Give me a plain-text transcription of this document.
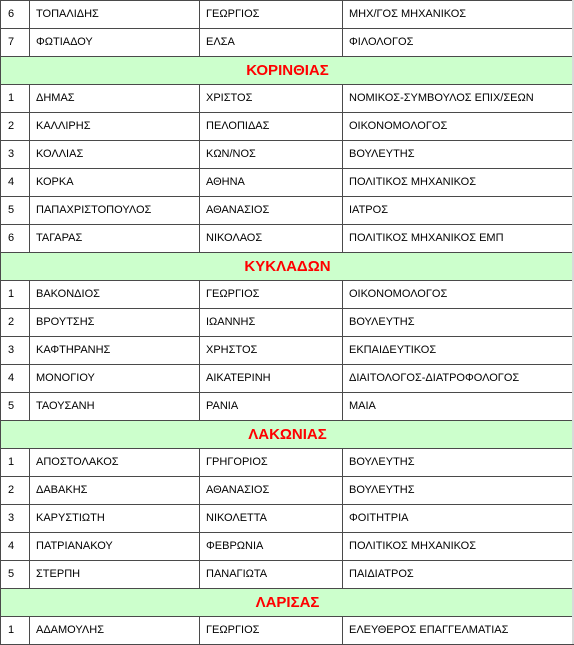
6	ΤΟΠΑΛΙΔΗΣ	ΓΕΩΡΓΙΟΣ	ΜΗΧ/ΓΟΣ ΜΗΧΑΝΙΚΟΣ
7	ΦΩΤΙΑΔΟΥ	ΕΛΣΑ	ΦΙΛΟΛΟΓΟΣ
ΚΟΡΙΝΘΙΑΣ			
1	ΔΗΜΑΣ	ΧΡΙΣΤΟΣ	ΝΟΜΙΚΟΣ-ΣΥΜΒΟΥΛΟΣ ΕΠΙΧ/ΣΕΩΝ
2	ΚΑΛΛΙΡΗΣ	ΠΕΛΟΠΙΔΑΣ	ΟΙΚΟΝΟΜΟΛΟΓΟΣ
3	ΚΟΛΛΙΑΣ	ΚΩΝ/ΝΟΣ	ΒΟΥΛΕΥΤΗΣ
4	ΚΟΡΚΑ	ΑΘΗΝΑ	ΠΟΛΙΤΙΚΟΣ ΜΗΧΑΝΙΚΟΣ
5	ΠΑΠΑΧΡΙΣΤΟΠΟΥΛΟΣ	ΑΘΑΝΑΣΙΟΣ	ΙΑΤΡΟΣ
6	ΤΑΓΑΡΑΣ	ΝΙΚΟΛΑΟΣ	ΠΟΛΙΤΙΚΟΣ ΜΗΧΑΝΙΚΟΣ ΕΜΠ
ΚΥΚΛΑΔΩΝ			
1	ΒΑΚΟΝΔΙΟΣ	ΓΕΩΡΓΙΟΣ	ΟΙΚΟΝΟΜΟΛΟΓΟΣ
2	ΒΡΟΥΤΣΗΣ	ΙΩΑΝΝΗΣ	ΒΟΥΛΕΥΤΗΣ
3	ΚΑΦΤΗΡΑΝΗΣ	ΧΡΗΣΤΟΣ	ΕΚΠΑΙΔΕΥΤΙΚΟΣ
4	ΜΟΝΟΓΙΟΥ	ΑΙΚΑΤΕΡΙΝΗ	ΔΙΑΙΤΟΛΟΓΟΣ-ΔΙΑΤΡΟΦΟΛΟΓΟΣ
5	ΤΑΟΥΣΑΝΗ	ΡΑΝΙΑ	ΜΑΙΑ
ΛΑΚΩΝΙΑΣ			
1	ΑΠΟΣΤΟΛΑΚΟΣ	ΓΡΗΓΟΡΙΟΣ	ΒΟΥΛΕΥΤΗΣ
2	ΔΑΒΑΚΗΣ	ΑΘΑΝΑΣΙΟΣ	ΒΟΥΛΕΥΤΗΣ
3	ΚΑΡΥΣΤΙΩΤΗ	ΝΙΚΟΛΕΤΤΑ	ΦΟΙΤΗΤΡΙΑ
4	ΠΑΤΡΙΑΝΑΚΟΥ	ΦΕΒΡΩΝΙΑ	ΠΟΛΙΤΙΚΟΣ ΜΗΧΑΝΙΚΟΣ
5	ΣΤΕΡΠΗ	ΠΑΝΑΓΙΩΤΑ	ΠΑΙΔΙΑΤΡΟΣ
ΛΑΡΙΣΑΣ			
1	ΑΔΑΜΟΥΛΗΣ	ΓΕΩΡΓΙΟΣ	ΕΛΕΥΘΕΡΟΣ ΕΠΑΓΓΕΛΜΑΤΙΑΣ
